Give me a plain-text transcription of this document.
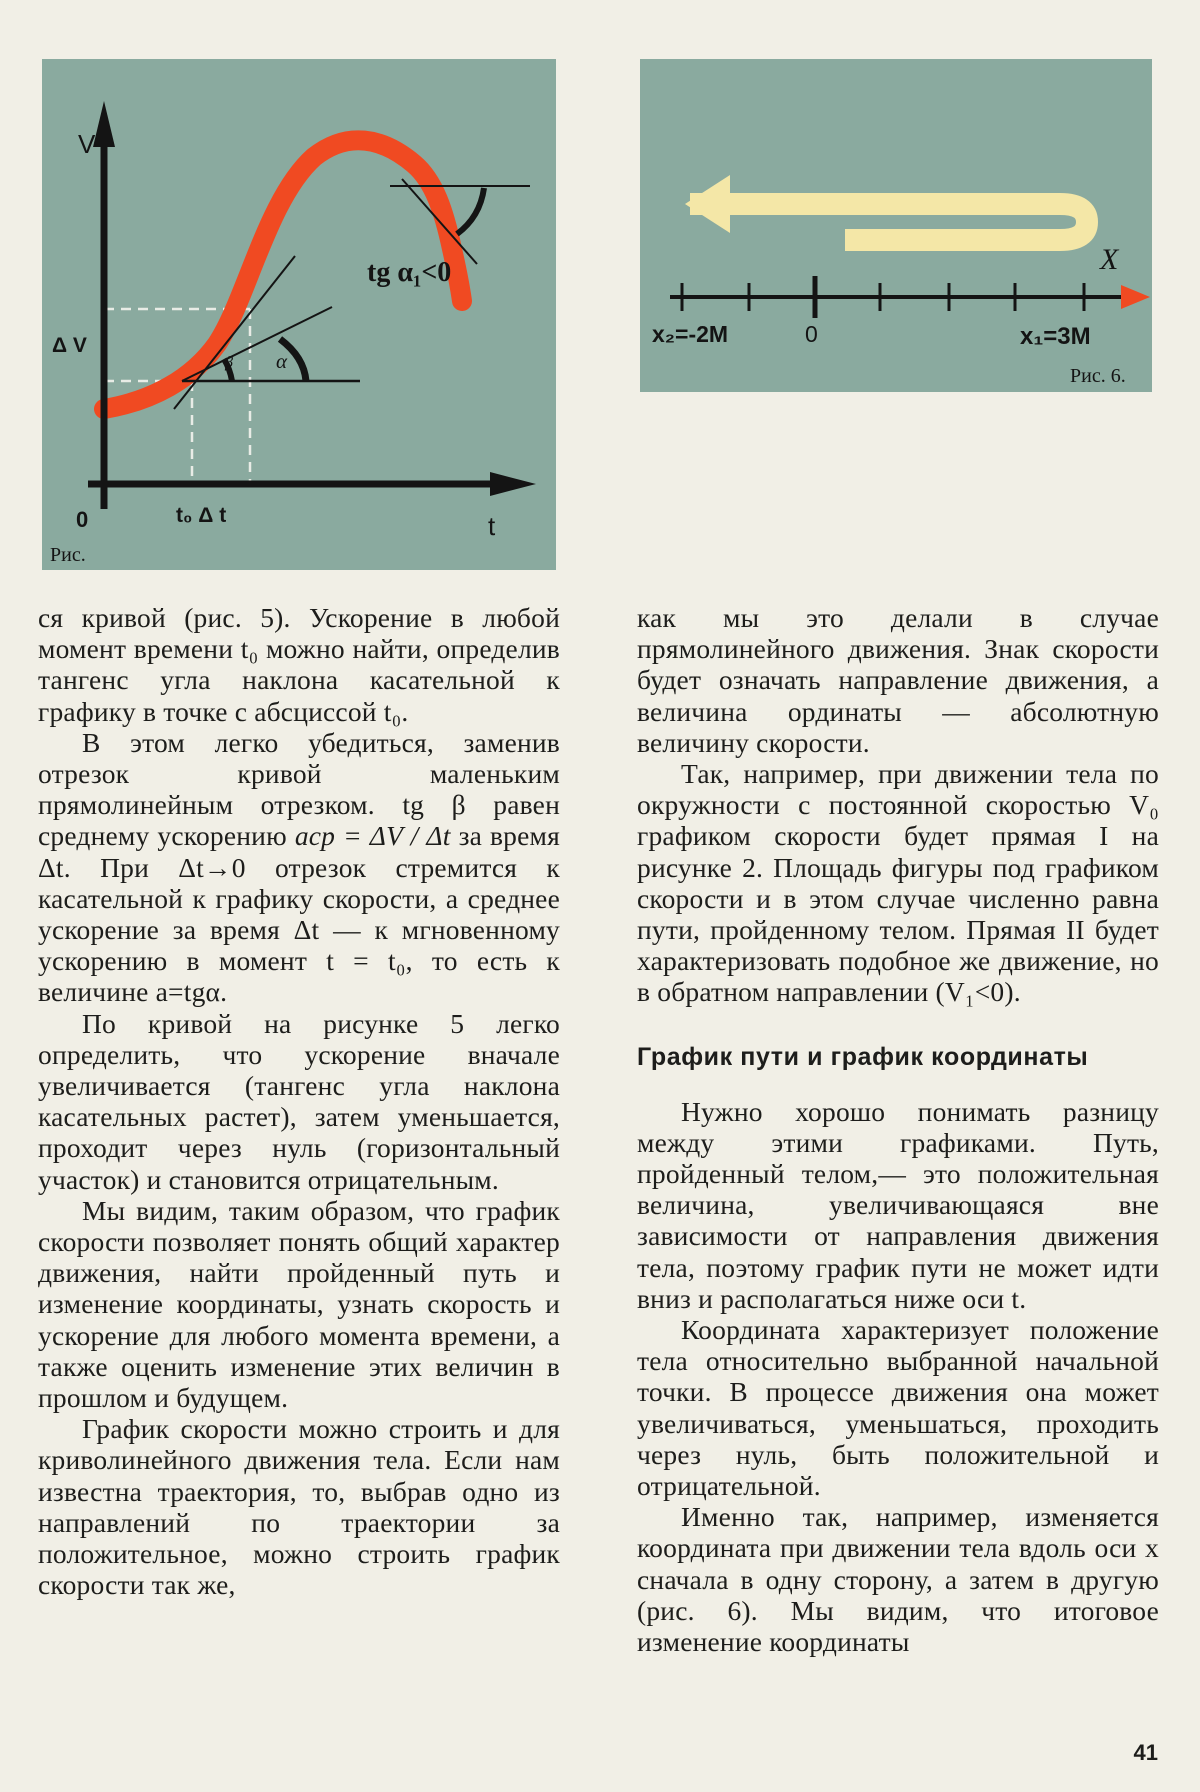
V
t
0
Δ V
t₀ Δ t
tg α₁<0
α
β
Рис.
X
x₂=-2M	0	x₁=3M
Рис. 6.

ся кривой (рис. 5). Ускорение в любой момент времени t₀ можно найти, определив тангенс угла наклона касательной к графику в точке с абсциссой t₀.

В этом легко убедиться, заменив отрезок кривой маленьким прямолинейным отрезком. tg β равен среднему ускорению aср = ΔV / Δt за время Δt. При Δt→0 отрезок стремится к касательной к графику скорости, а среднее ускорение за время Δt — к мгновенному ускорению в момент t = t₀, то есть к величине a=tgα.

По кривой на рисунке 5 легко определить, что ускорение вначале увеличивается (тангенс угла наклона касательных растет), затем уменьшается, проходит через нуль (горизонтальный участок) и становится отрицательным.

Мы видим, таким образом, что график скорости позволяет понять общий характер движения, найти пройденный путь и изменение координаты, узнать скорость и ускорение для любого момента времени, а также оценить изменение этих величин в прошлом и будущем.

График скорости можно строить и для криволинейного движения тела. Если нам известна траектория, то, выбрав одно из направлений по траектории за положительное, можно строить график скорости так же,

как мы это делали в случае прямолинейного движения. Знак скорости будет означать направление движения, а величина ординаты — абсолютную величину скорости.

Так, например, при движении тела по окружности с постоянной скоростью V₀ графиком скорости будет прямая I на рисунке 2. Площадь фигуры под графиком скорости и в этом случае численно равна пути, пройденному телом. Прямая II будет характеризовать подобное же движение, но в обратном направлении (V₁<0).

График пути и график координаты

Нужно хорошо понимать разницу между этими графиками. Путь, пройденный телом,— это положительная величина, увеличивающаяся вне зависимости от направления движения тела, поэтому график пути не может идти вниз и располагаться ниже оси t.

Координата характеризует положение тела относительно выбранной начальной точки. В процессе движения она может увеличиваться, уменьшаться, проходить через нуль, быть положительной и отрицательной.

Именно так, например, изменяется координата при движении тела вдоль оси x сначала в одну сторону, а затем в другую (рис. 6). Мы видим, что итоговое изменение координаты

41
